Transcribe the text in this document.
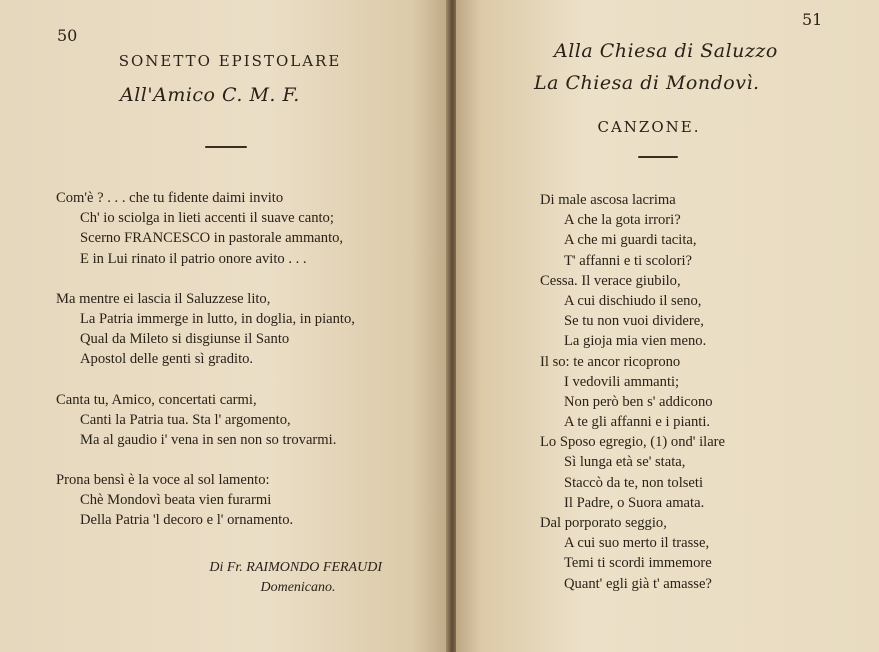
50
SONETTO EPISTOLARE
All'Amico C. M. F.
Com'è ? . . . che tu fidente daimi invito
Ch' io sciolga in lieti accenti il suave canto;
Scerno FRANCESCO in pastorale ammanto,
E in Lui rinato il patrio onore avito . . .
Ma mentre ei lascia il Saluzzese lito,
La Patria immerge in lutto, in doglia, in pianto,
Qual da Mileto si disgiunse il Santo
Apostol delle genti sì gradito.
Canta tu, Amico, concertati carmi,
Canti la Patria tua. Sta l' argomento,
Ma al gaudio i' vena in sen non so trovarmi.
Prona bensì è la voce al sol lamento:
Chè Mondovì beata vien furarmi
Della Patria 'l decoro e l' ornamento.
Di Fr. RAIMONDO FERAUDI
Domenicano.
51
Alla Chiesa di Saluzzo
La Chiesa di Mondovì.
CANZONE.
Di male ascosa lacrima
A che la gota irrori?
A che mi guardi tacita,
T' affanni e ti scolori?
Cessa. Il verace giubilo,
A cui dischiudo il seno,
Se tu non vuoi dividere,
La gioja mia vien meno.
Il so: te ancor ricoprono
I vedovili ammanti;
Non però ben s' addicono
A te gli affanni e i pianti.
Lo Sposo egregio, (1) ond' ilare
Sì lunga età se' stata,
Staccò da te, non tolseti
Il Padre, o Suora amata.
Dal porporato seggio,
A cui suo merto il trasse,
Temi ti scordi immemore
Quant' egli già t' amasse?
